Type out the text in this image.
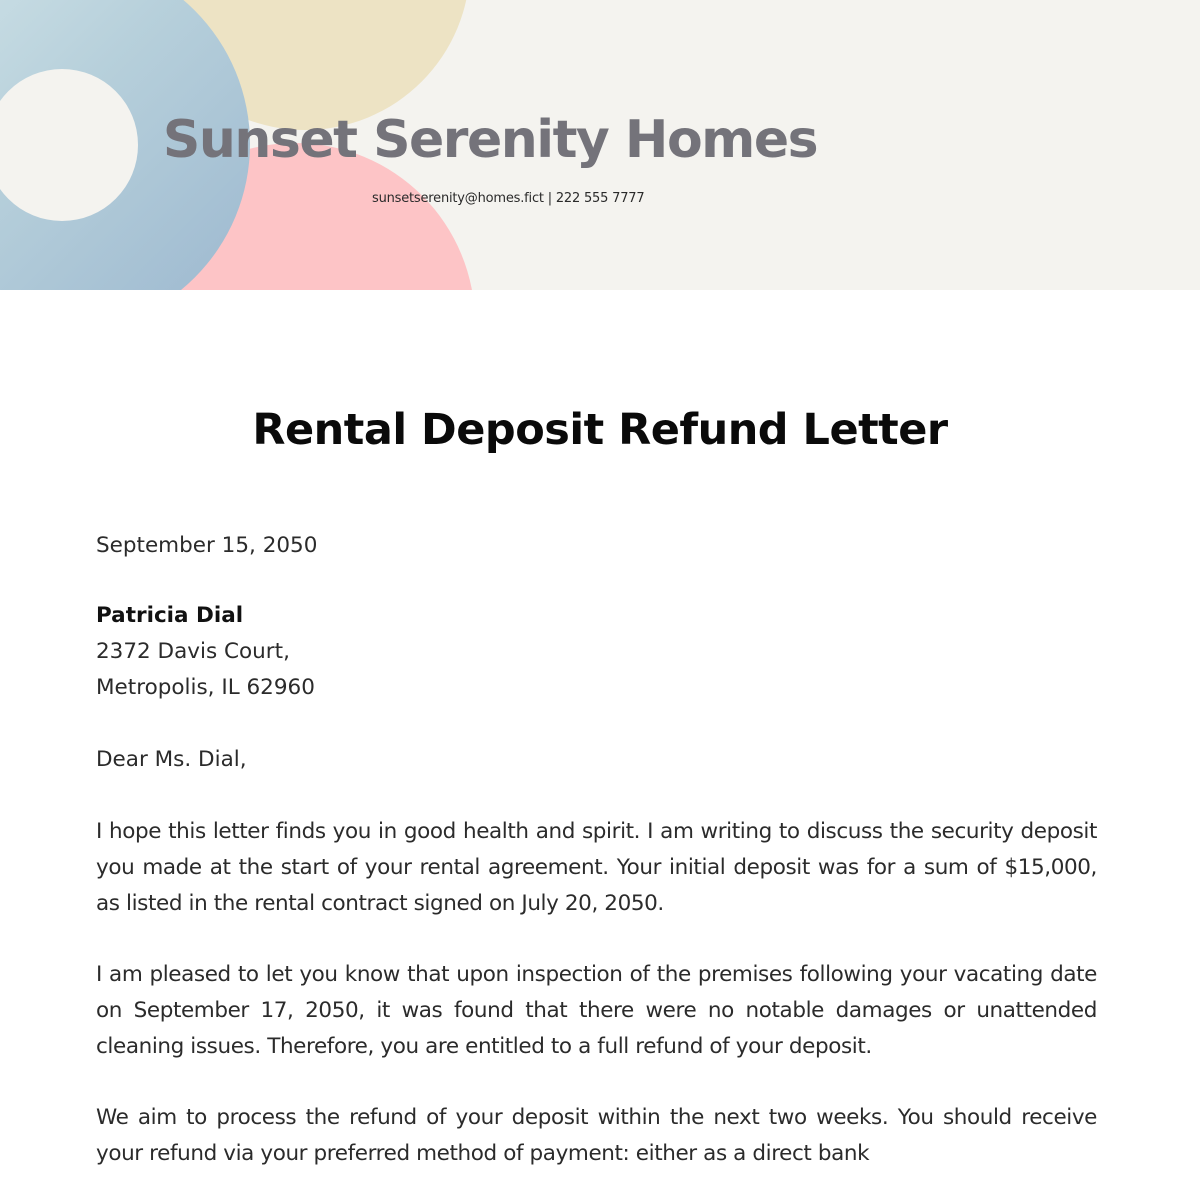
Sunset Serenity Homes
sunsetserenity@homes.fict | 222 555 7777
Rental Deposit Refund Letter
September 15, 2050
Patricia Dial
2372 Davis Court,
Metropolis, IL 62960
Dear Ms. Dial,

I hope this letter finds you in good health and spirit. I am writing to discuss the security deposit you made at the start of your rental agreement. Your initial deposit was for a sum of $15,000, as listed in the rental contract signed on July 20, 2050.

I am pleased to let you know that upon inspection of the premises following your vacating date on September 17, 2050, it was found that there were no notable damages or unattended cleaning issues. Therefore, you are entitled to a full refund of your deposit.

We aim to process the refund of your deposit within the next two weeks. You should receive your refund via your preferred method of payment: either as a direct bank
